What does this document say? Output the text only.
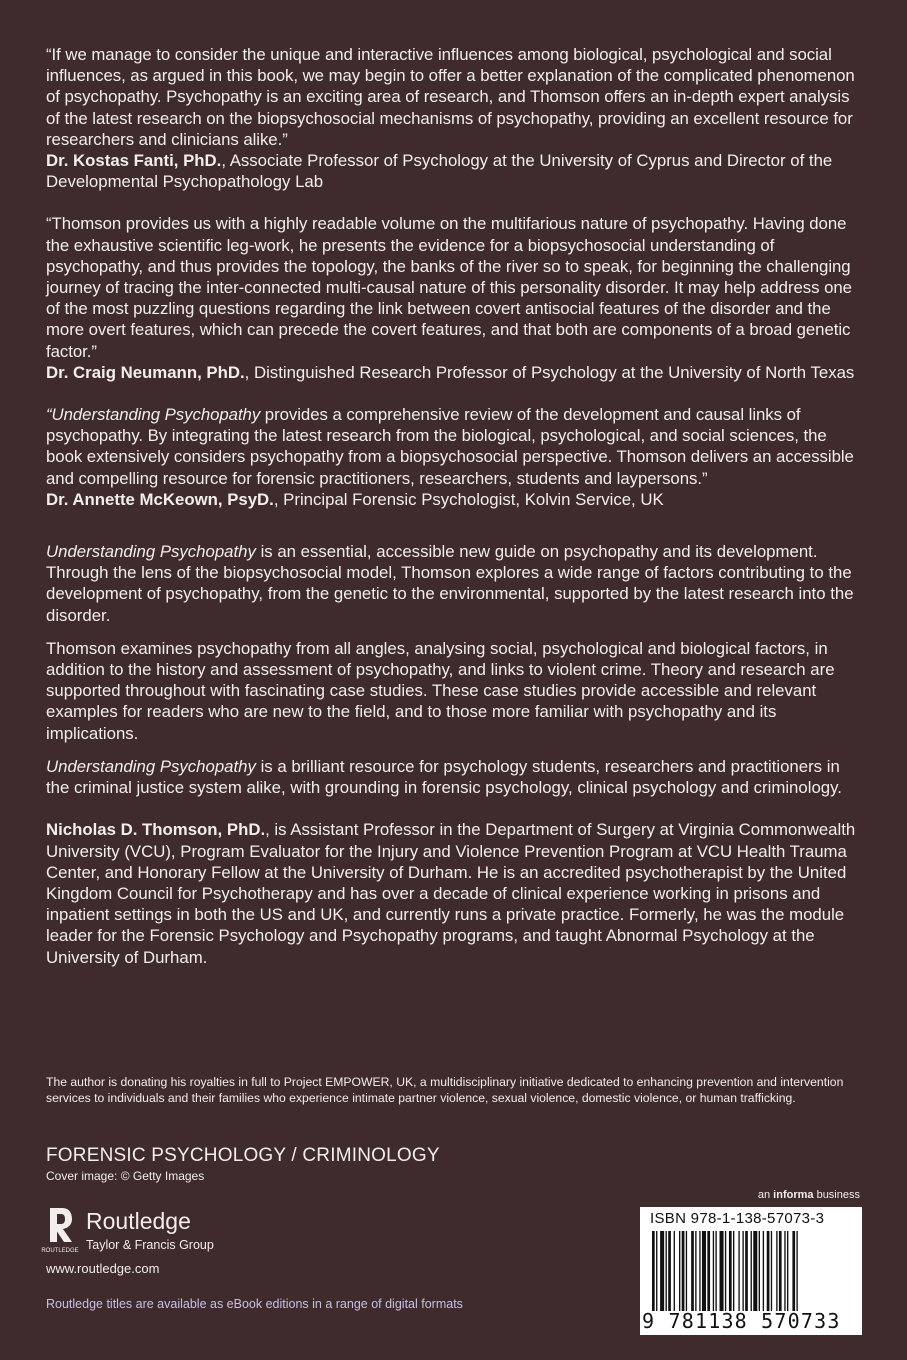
“If we manage to consider the unique and interactive influences among biological, psychological and social influences, as argued in this book, we may begin to offer a better explanation of the complicated phenomenon of psychopathy. Psychopathy is an exciting area of research, and Thomson offers an in-depth expert analysis of the latest research on the biopsychosocial mechanisms of psychopathy, providing an excellent resource for researchers and clinicians alike.”

Dr. Kostas Fanti, PhD., Associate Professor of Psychology at the University of Cyprus and Director of the Developmental Psychopathology Lab

“Thomson provides us with a highly readable volume on the multifarious nature of psychopathy. Having done the exhaustive scientific leg-work, he presents the evidence for a biopsychosocial understanding of psychopathy, and thus provides the topology, the banks of the river so to speak, for beginning the challenging journey of tracing the inter-connected multi-causal nature of this personality disorder. It may help address one of the most puzzling questions regarding the link between covert antisocial features of the disorder and the more overt features, which can precede the covert features, and that both are components of a broad genetic factor.”

Dr. Craig Neumann, PhD., Distinguished Research Professor of Psychology at the University of North Texas

“Understanding Psychopathy provides a comprehensive review of the development and causal links of psychopathy. By integrating the latest research from the biological, psychological, and social sciences, the book extensively considers psychopathy from a biopsychosocial perspective. Thomson delivers an accessible and compelling resource for forensic practitioners, researchers, students and laypersons.”

Dr. Annette McKeown, PsyD., Principal Forensic Psychologist, Kolvin Service, UK

Understanding Psychopathy is an essential, accessible new guide on psychopathy and its development. Through the lens of the biopsychosocial model, Thomson explores a wide range of factors contributing to the development of psychopathy, from the genetic to the environmental, supported by the latest research into the disorder.

Thomson examines psychopathy from all angles, analysing social, psychological and biological factors, in addition to the history and assessment of psychopathy, and links to violent crime. Theory and research are supported throughout with fascinating case studies. These case studies provide accessible and relevant examples for readers who are new to the field, and to those more familiar with psychopathy and its implications.

Understanding Psychopathy is a brilliant resource for psychology students, researchers and practitioners in the criminal justice system alike, with grounding in forensic psychology, clinical psychology and criminology.

Nicholas D. Thomson, PhD., is Assistant Professor in the Department of Surgery at Virginia Commonwealth University (VCU), Program Evaluator for the Injury and Violence Prevention Program at VCU Health Trauma Center, and Honorary Fellow at the University of Durham. He is an accredited psychotherapist by the United Kingdom Council for Psychotherapy and has over a decade of clinical experience working in prisons and inpatient settings in both the US and UK, and currently runs a private practice. Formerly, he was the module leader for the Forensic Psychology and Psychopathy programs, and taught Abnormal Psychology at the University of Durham.

The author is donating his royalties in full to Project EMPOWER, UK, a multidisciplinary initiative dedicated to enhancing prevention and intervention services to individuals and their families who experience intimate partner violence, sexual violence, domestic violence, or human trafficking.

FORENSIC PSYCHOLOGY / CRIMINOLOGY
Cover image: © Getty Images
ROUTLEDGE
Routledge
Taylor & Francis Group
www.routledge.com
Routledge titles are available as eBook editions in a range of digital formats
an informa business
ISBN 978-1-138-57073-3
9 781138 570733
